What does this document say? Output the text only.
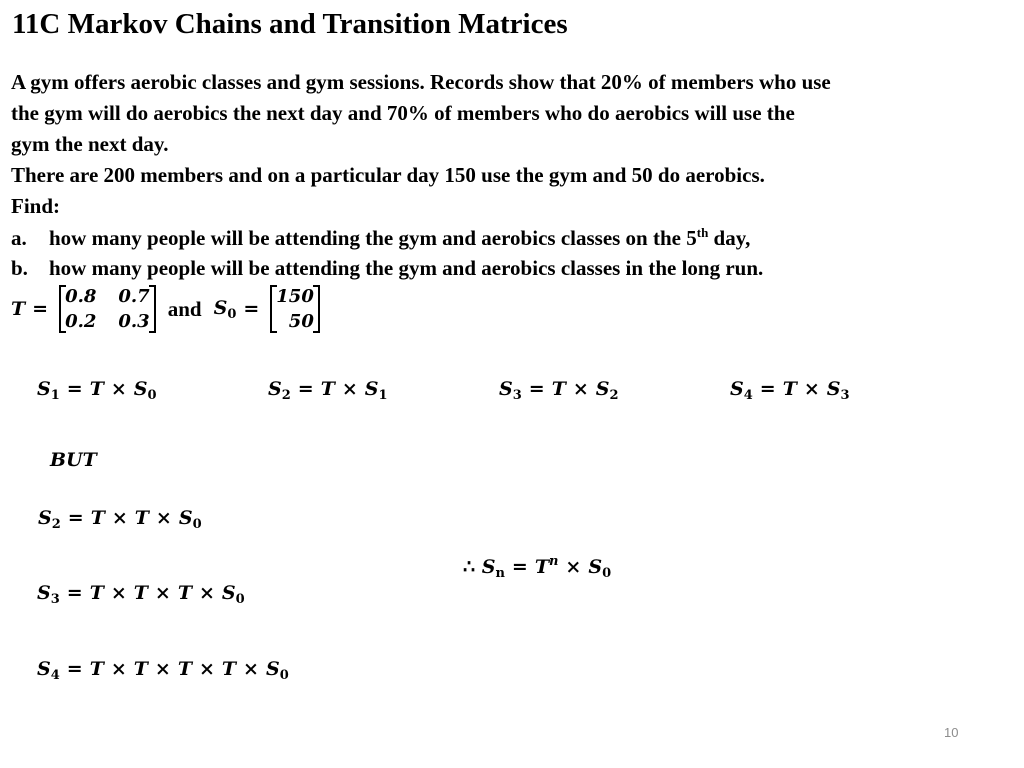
11C Markov Chains and Transition Matrices
A gym offers aerobic classes and gym sessions. Records show that 20% of members who use
the gym will do aerobics the next day and 70% of members who do aerobics will use the
gym the next day.
There are 200 members and on a particular day 150 use the gym and 50 do aerobics.
Find:
a. how many people will be attending the gym and aerobics classes on the 5th day,
b. how many people will be attending the gym and aerobics classes in the long run.
T =
0.8 0.7
0.2 0.3
and $S_0$ =
150
50
$S_1 = T \times S_0$	$S_2 = T \times S_1$	$S_3 = T \times S_2$	$S_4 = T \times S_3$
BUT
$S_2 = T \times T \times S_0$
$S_3 = T \times T \times T \times S_0$
$S_4 = T \times T \times T \times T \times S_0$
∴ $S_n = T^n \times S_0$
10
